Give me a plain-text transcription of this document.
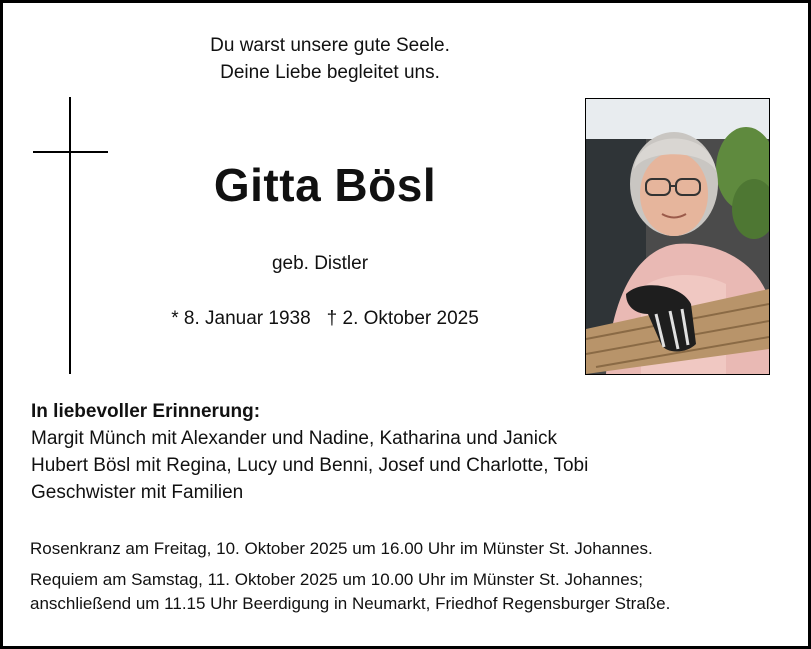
Du warst unsere gute Seele.
Deine Liebe begleitet uns.
Gitta Bösl
geb. Distler
* 8. Januar 1938 † 2. Oktober 2025
In liebevoller Erinnerung:
Margit Münch mit Alexander und Nadine, Katharina und Janick
Hubert Bösl mit Regina, Lucy und Benni, Josef und Charlotte, Tobi
Geschwister mit Familien
Rosenkranz am Freitag, 10. Oktober 2025 um 16.00 Uhr im Münster St. Johannes.
Requiem am Samstag, 11. Oktober 2025 um 10.00 Uhr im Münster St. Johannes;
anschließend um 11.15 Uhr Beerdigung in Neumarkt, Friedhof Regensburger Straße.
